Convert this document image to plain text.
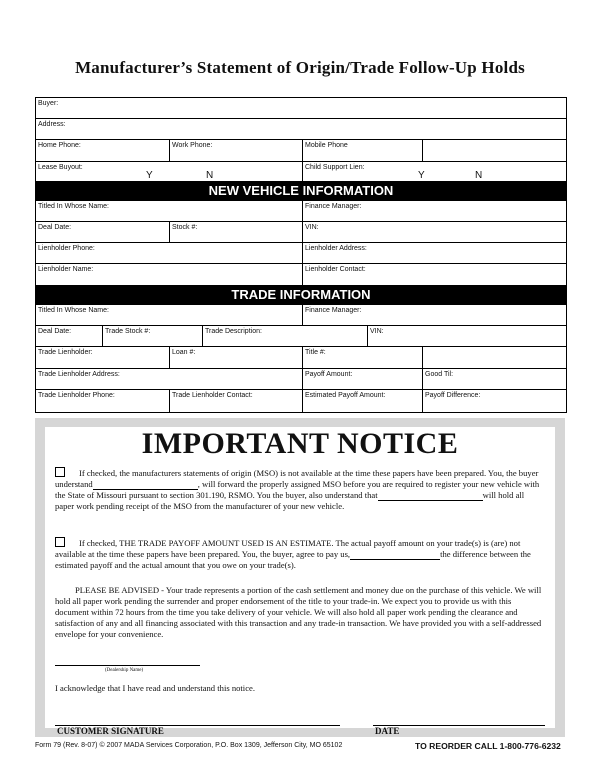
Manufacturer’s Statement of Origin/Trade Follow-Up Holds
Buyer:
Address:
Home Phone:	Work Phone:	Mobile Phone
Lease Buyout:
Y	N
Child Support Lien:
Y	N
NEW VEHICLE INFORMATION
Titled In Whose Name:	Finance Manager:
Deal Date:	Stock #:	VIN:
Lienholder Phone:	Lienholder Address:
Lienholder Name:	Lienholder Contact:
TRADE INFORMATION
Titled In Whose Name:	Finance Manager:
Deal Date:	Trade Stock #:	Trade Description:	VIN:
Trade Lienholder:	Loan #:	Title #:
Trade Lienholder Address:	Payoff Amount:	Good Til:
Trade Lienholder Phone:	Trade Lienholder Contact:	Estimated Payoff Amount:	Payoff Difference:
IMPORTANT NOTICE
If checked, the manufacturers statements of origin (MSO) is not available at the time these papers have been prepared. You, the buyer understand	, will forward the properly assigned MSO before you are required to register your new vehicle with the State of Missouri pursuant to section 301.190, RSMO. You the buyer, also understand that	will hold all paper work pending receipt of the MSO from the manufacturer of your new vehicle.
If checked, THE TRADE PAYOFF AMOUNT USED IS AN ESTIMATE. The actual payoff amount on your trade(s) is (are) not available at the time these papers have been prepared. You, the buyer, agree to pay us,	the difference between the estimated payoff and the actual amount that you owe on your trade(s).
PLEASE BE ADVISED - Your trade represents a portion of the cash settlement and money due on the purchase of this vehicle. We will hold all paper work pending the surrender and proper endorsement of the title to your trade-in. We expect you to provide us with this document within 72 hours from the time you take delivery of your vehicle. We will also hold all paper work pending the clearance and satisfaction of any and all financing associated with this transaction and any trade-in transaction. We have provided you with a self-addressed envelope for your convenience.
(Dealership Name)
I acknowledge that I have read and understand this notice.
CUSTOMER SIGNATURE	DATE
Form 79 (Rev. 8-07) © 2007 MADA Services Corporation, P.O. Box 1309, Jefferson City, MO 65102	TO REORDER CALL 1-800-776-6232
